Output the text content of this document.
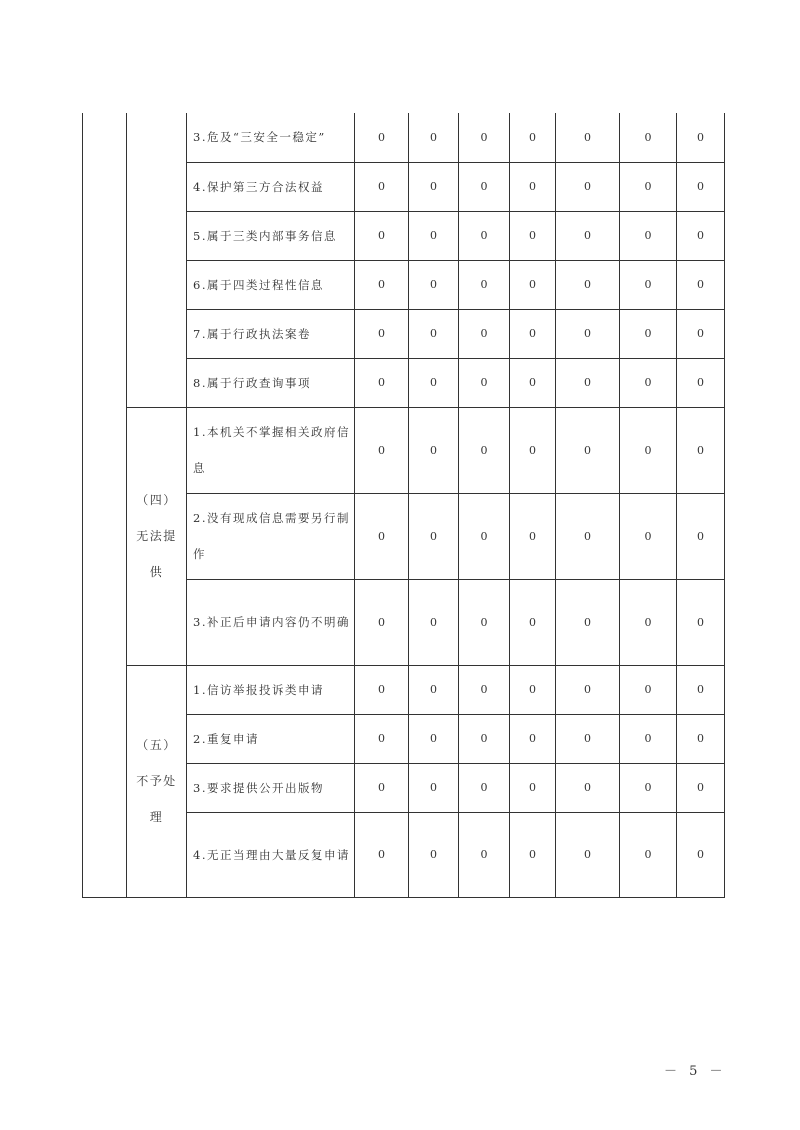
		3.危及“三安全一稳定”	0	0	0	0	0	0	0
		4.保护第三方合法权益	0	0	0	0	0	0	0
		5.属于三类内部事务信息	0	0	0	0	0	0	0
		6.属于四类过程性信息	0	0	0	0	0	0	0
		7.属于行政执法案卷	0	0	0	0	0	0	0
		8.属于行政查询事项	0	0	0	0	0	0	0

	（四）
无法提
供	1.本机关不掌握相关政府信息	0	0	0	0	0	0	0
		2.没有现成信息需要另行制作	0	0	0	0	0	0	0
		3.补正后申请内容仍不明确	0	0	0	0	0	0	0

	（五）
不予处
理	1.信访举报投诉类申请	0	0	0	0	0	0	0
		2.重复申请	0	0	0	0	0	0	0
		3.要求提供公开出版物	0	0	0	0	0	0	0
		4.无正当理由大量反复申请	0	0	0	0	0	0	0
－ 5 －
